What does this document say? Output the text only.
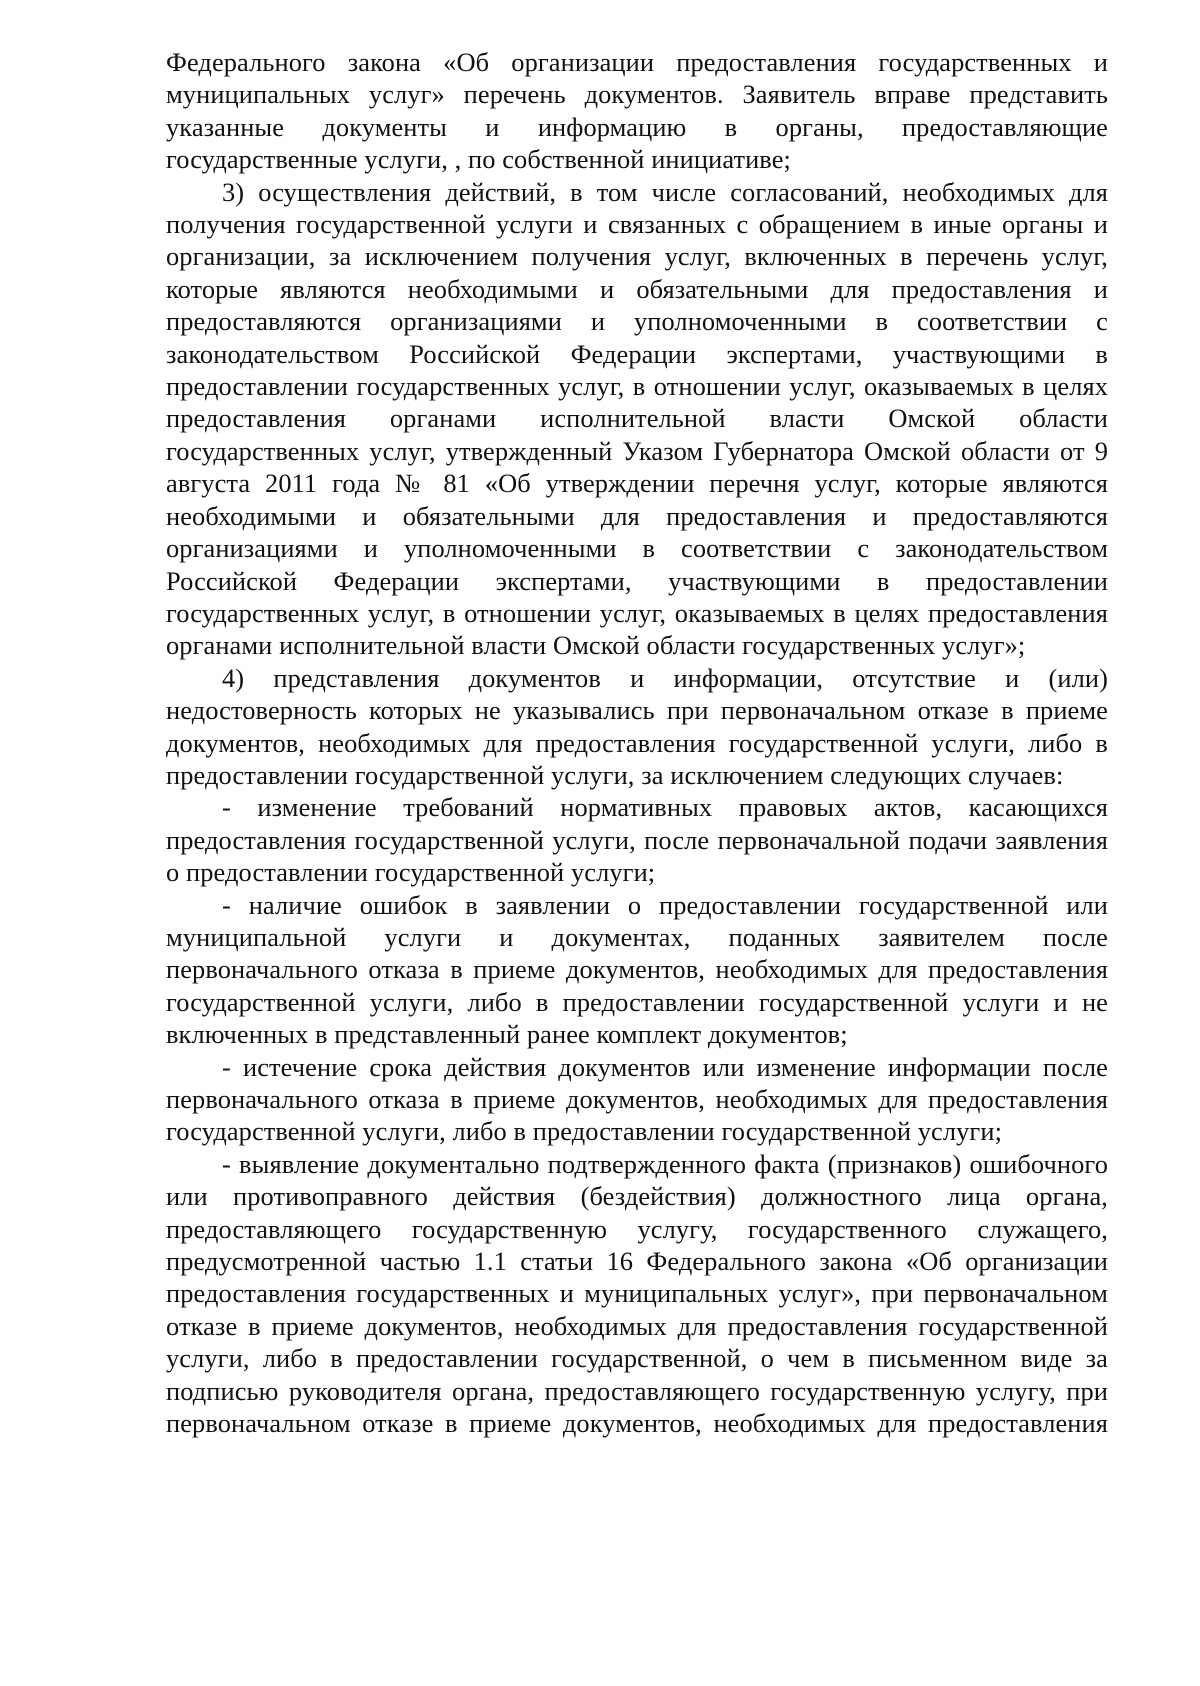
Федерального закона «Об организации предоставления государственных и муниципальных услуг» перечень документов. Заявитель вправе представить указанные документы и информацию в органы, предоставляющие государственные услуги, , по собственной инициативе;

3) осуществления действий, в том числе согласований, необходимых для получения государственной услуги и связанных с обращением в иные органы и организации, за исключением получения услуг, включенных в перечень услуг, которые являются необходимыми и обязательными для предоставления и предоставляются организациями и уполномоченными в соответствии с законодательством Российской Федерации экспертами, участвующими в предоставлении государственных услуг, в отношении услуг, оказываемых в целях предоставления органами исполнительной власти Омской области государственных услуг, утвержденный Указом Губернатора Омской области от 9 августа 2011 года № 81 «Об утверждении перечня услуг, которые являются необходимыми и обязательными для предоставления и предоставляются организациями и уполномоченными в соответствии с законодательством Российской Федерации экспертами, участвующими в предоставлении государственных услуг, в отношении услуг, оказываемых в целях предоставления органами исполнительной власти Омской области государственных услуг»;

4) представления документов и информации, отсутствие и (или) недостоверность которых не указывались при первоначальном отказе в приеме документов, необходимых для предоставления государственной услуги, либо в предоставлении государственной услуги, за исключением следующих случаев:

- изменение требований нормативных правовых актов, касающихся предоставления государственной услуги, после первоначальной подачи заявления о предоставлении государственной услуги;

- наличие ошибок в заявлении о предоставлении государственной или муниципальной услуги и документах, поданных заявителем после первоначального отказа в приеме документов, необходимых для предоставления государственной услуги, либо в предоставлении государственной услуги и не включенных в представленный ранее комплект документов;

- истечение срока действия документов или изменение информации после первоначального отказа в приеме документов, необходимых для предоставления государственной услуги, либо в предоставлении государственной услуги;

- выявление документально подтвержденного факта (признаков) ошибочного или противоправного действия (бездействия) должностного лица органа, предоставляющего государственную услугу, государственного служащего, предусмотренной частью 1.1 статьи 16 Федерального закона «Об организации предоставления государственных и муниципальных услуг», при первоначальном отказе в приеме документов, необходимых для предоставления государственной услуги, либо в предоставлении государственной, о чем в письменном виде за подписью руководителя органа, предоставляющего государственную услугу, при первоначальном отказе в приеме документов, необходимых для предоставления
